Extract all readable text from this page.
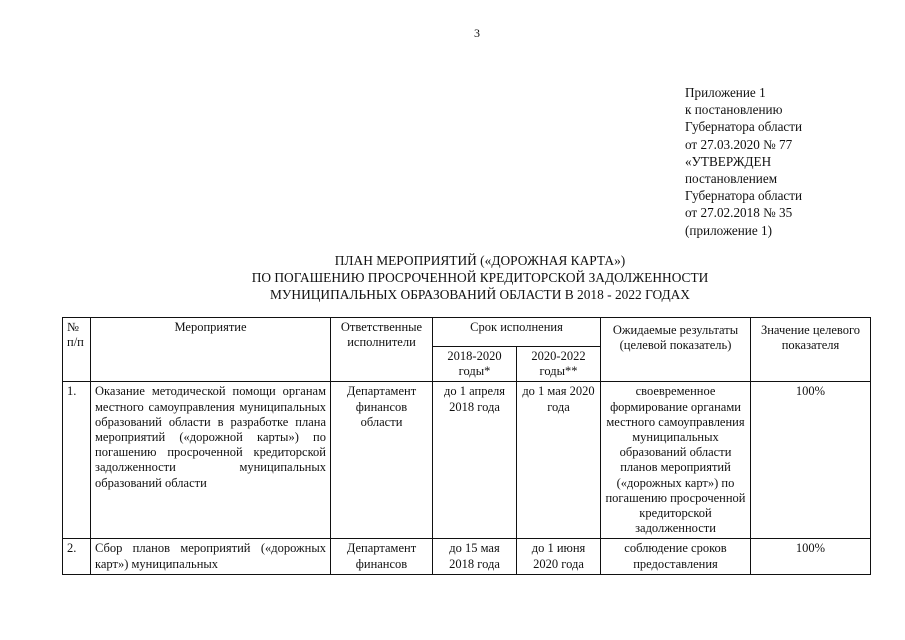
3
Приложение 1
к постановлению
Губернатора области
от 27.03.2020 № 77
«УТВЕРЖДЕН
постановлением
Губернатора области
от 27.02.2018 № 35
(приложение 1)
ПЛАН МЕРОПРИЯТИЙ («ДОРОЖНАЯ КАРТА»)
ПО ПОГАШЕНИЮ ПРОСРОЧЕННОЙ КРЕДИТОРСКОЙ ЗАДОЛЖЕННОСТИ
МУНИЦИПАЛЬНЫХ ОБРАЗОВАНИЙ ОБЛАСТИ В 2018 - 2022 ГОДАХ
№ п/п	Мероприятие	Ответственные исполнители	Срок исполнения		Ожидаемые результаты (целевой показатель)	Значение целевого показателя
			2018-2020 годы*	2020-2022 годы**		
1.	Оказание методической помощи органам местного самоуправления муниципальных образований области в разработке плана мероприятий («дорожной карты») по погашению просроченной кредиторской задолженности муниципальных образований области	Департамент финансов области	до 1 апреля 2018 года	до 1 мая 2020 года	своевременное формирование органами местного самоуправления муниципальных образований области планов мероприятий («дорожных карт») по погашению просроченной кредиторской задолженности	100%
2.	Сбор планов мероприятий («дорожных карт») муниципальных	Департамент финансов	до 15 мая 2018 года	до 1 июня 2020 года	соблюдение сроков предоставления	100%
